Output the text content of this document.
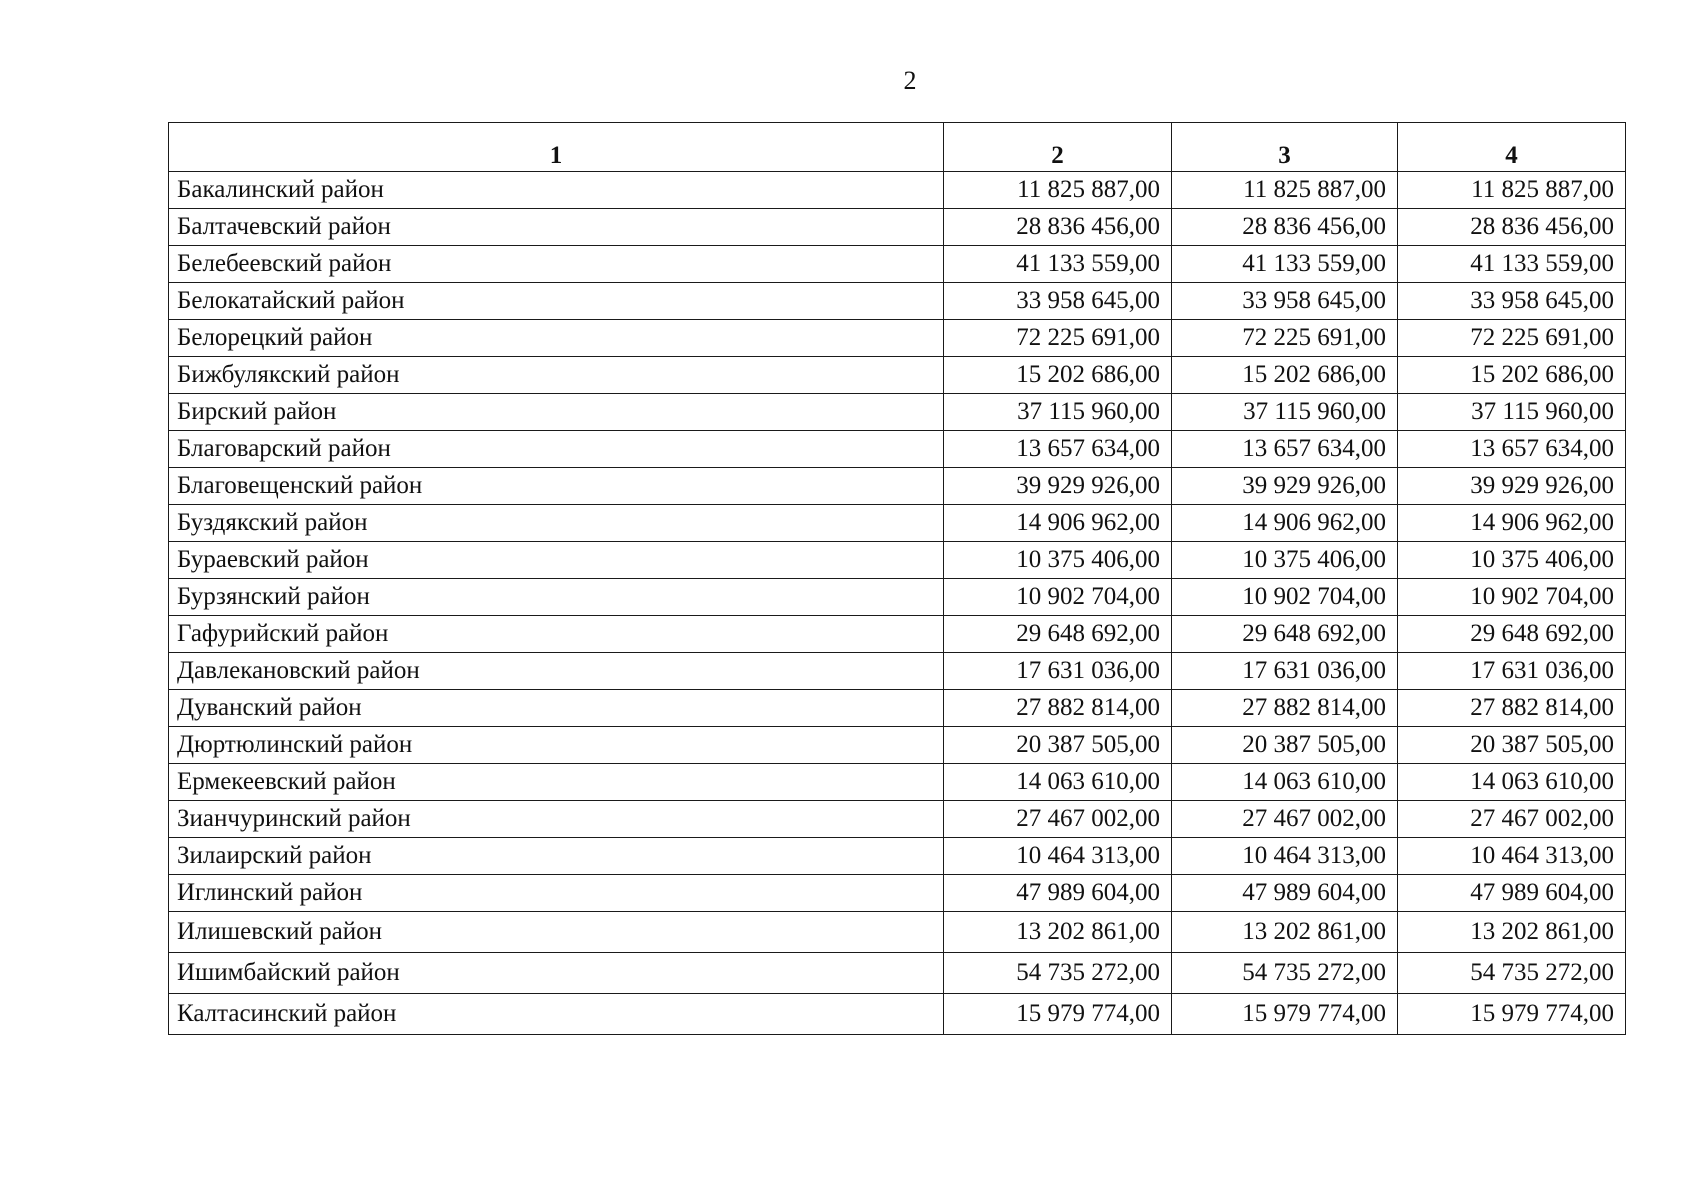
2
1	2	3	4
Бакалинский район	11 825 887,00	11 825 887,00	11 825 887,00
Балтачевский район	28 836 456,00	28 836 456,00	28 836 456,00
Белебеевский район	41 133 559,00	41 133 559,00	41 133 559,00
Белокатайский район	33 958 645,00	33 958 645,00	33 958 645,00
Белорецкий район	72 225 691,00	72 225 691,00	72 225 691,00
Бижбулякский район	15 202 686,00	15 202 686,00	15 202 686,00
Бирский район	37 115 960,00	37 115 960,00	37 115 960,00
Благоварский район	13 657 634,00	13 657 634,00	13 657 634,00
Благовещенский район	39 929 926,00	39 929 926,00	39 929 926,00
Буздякский район	14 906 962,00	14 906 962,00	14 906 962,00
Бураевский район	10 375 406,00	10 375 406,00	10 375 406,00
Бурзянский район	10 902 704,00	10 902 704,00	10 902 704,00
Гафурийский район	29 648 692,00	29 648 692,00	29 648 692,00
Давлекановский район	17 631 036,00	17 631 036,00	17 631 036,00
Дуванский район	27 882 814,00	27 882 814,00	27 882 814,00
Дюртюлинский район	20 387 505,00	20 387 505,00	20 387 505,00
Ермекеевский район	14 063 610,00	14 063 610,00	14 063 610,00
Зианчуринский район	27 467 002,00	27 467 002,00	27 467 002,00
Зилаирский район	10 464 313,00	10 464 313,00	10 464 313,00
Иглинский район	47 989 604,00	47 989 604,00	47 989 604,00
Илишевский район	13 202 861,00	13 202 861,00	13 202 861,00
Ишимбайский район	54 735 272,00	54 735 272,00	54 735 272,00
Калтасинский район	15 979 774,00	15 979 774,00	15 979 774,00
